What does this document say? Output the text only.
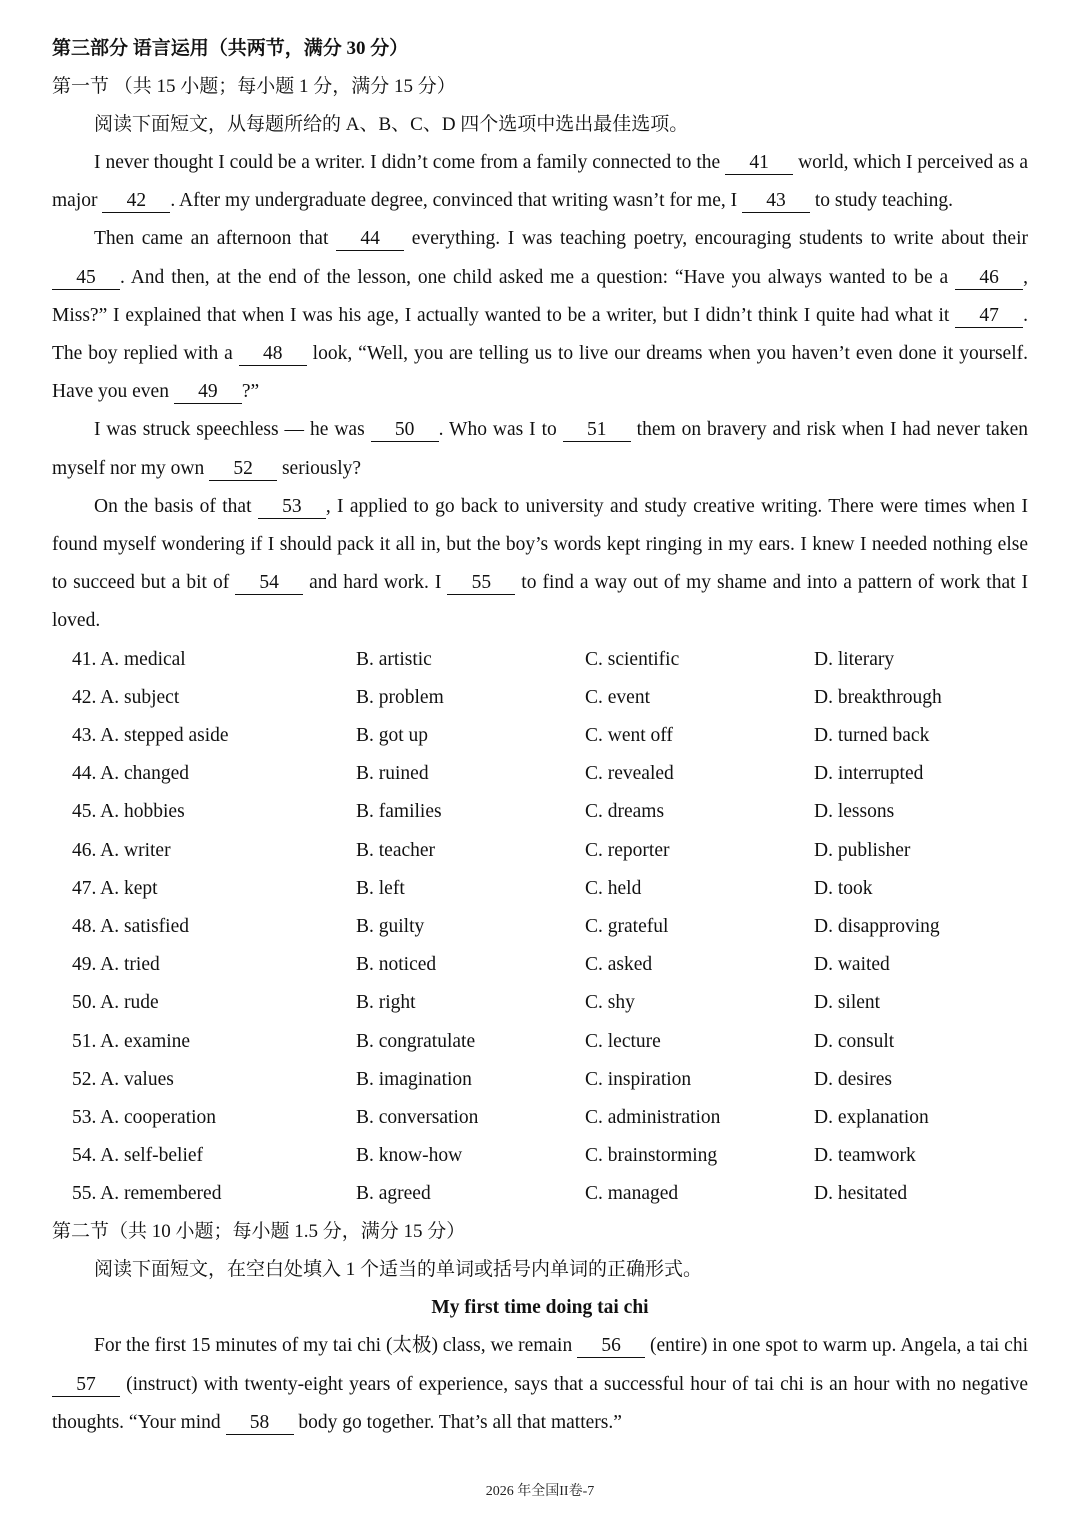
第三部分 语言运用（共两节，满分 30 分）

第一节 （共 15 小题；每小题 1 分，满分 15 分）

阅读下面短文，从每题所给的 A、B、C、D 四个选项中选出最佳选项。

I never thought I could be a writer. I didn’t come from a family connected to the 41 world, which I perceived as a major 42 . After my undergraduate degree, convinced that writing wasn’t for me, I 43 to study teaching.

Then came an afternoon that 44 everything. I was teaching poetry, encouraging students to write about their 45 . And then, at the end of the lesson, one child asked me a question: “Have you always wanted to be a 46 , Miss?” I explained that when I was his age, I actually wanted to be a writer, but I didn’t think I quite had what it 47 . The boy replied with a 48 look, “Well, you are telling us to live our dreams when you haven’t even done it yourself. Have you even 49 ?”

I was struck speechless — he was 50 . Who was I to 51 them on bravery and risk when I had never taken myself nor my own 52 seriously?

On the basis of that 53 , I applied to go back to university and study creative writing. There were times when I found myself wondering if I should pack it all in, but the boy’s words kept ringing in my ears. I knew I needed nothing else to succeed but a bit of 54 and hard work. I 55 to find a way out of my shame and into a pattern of work that I loved.

41. A. medical	B. artistic	C. scientific	D. literary
42. A. subject	B. problem	C. event	D. breakthrough
43. A. stepped aside	B. got up	C. went off	D. turned back
44. A. changed	B. ruined	C. revealed	D. interrupted
45. A. hobbies	B. families	C. dreams	D. lessons
46. A. writer	B. teacher	C. reporter	D. publisher
47. A. kept	B. left	C. held	D. took
48. A. satisfied	B. guilty	C. grateful	D. disapproving
49. A. tried	B. noticed	C. asked	D. waited
50. A. rude	B. right	C. shy	D. silent
51. A. examine	B. congratulate	C. lecture	D. consult
52. A. values	B. imagination	C. inspiration	D. desires
53. A. cooperation	B. conversation	C. administration	D. explanation
54. A. self-belief	B. know-how	C. brainstorming	D. teamwork
55. A. remembered	B. agreed	C. managed	D. hesitated

第二节（共 10 小题；每小题 1.5 分，满分 15 分）

阅读下面短文，在空白处填入 1 个适当的单词或括号内单词的正确形式。

My first time doing tai chi

For the first 15 minutes of my tai chi (太极) class, we remain 56 (entire) in one spot to warm up. Angela, a tai chi 57 (instruct) with twenty-eight years of experience, says that a successful hour of tai chi is an hour with no negative thoughts. “Your mind 58 body go together. That’s all that matters.”

2026 年全国II卷-7
